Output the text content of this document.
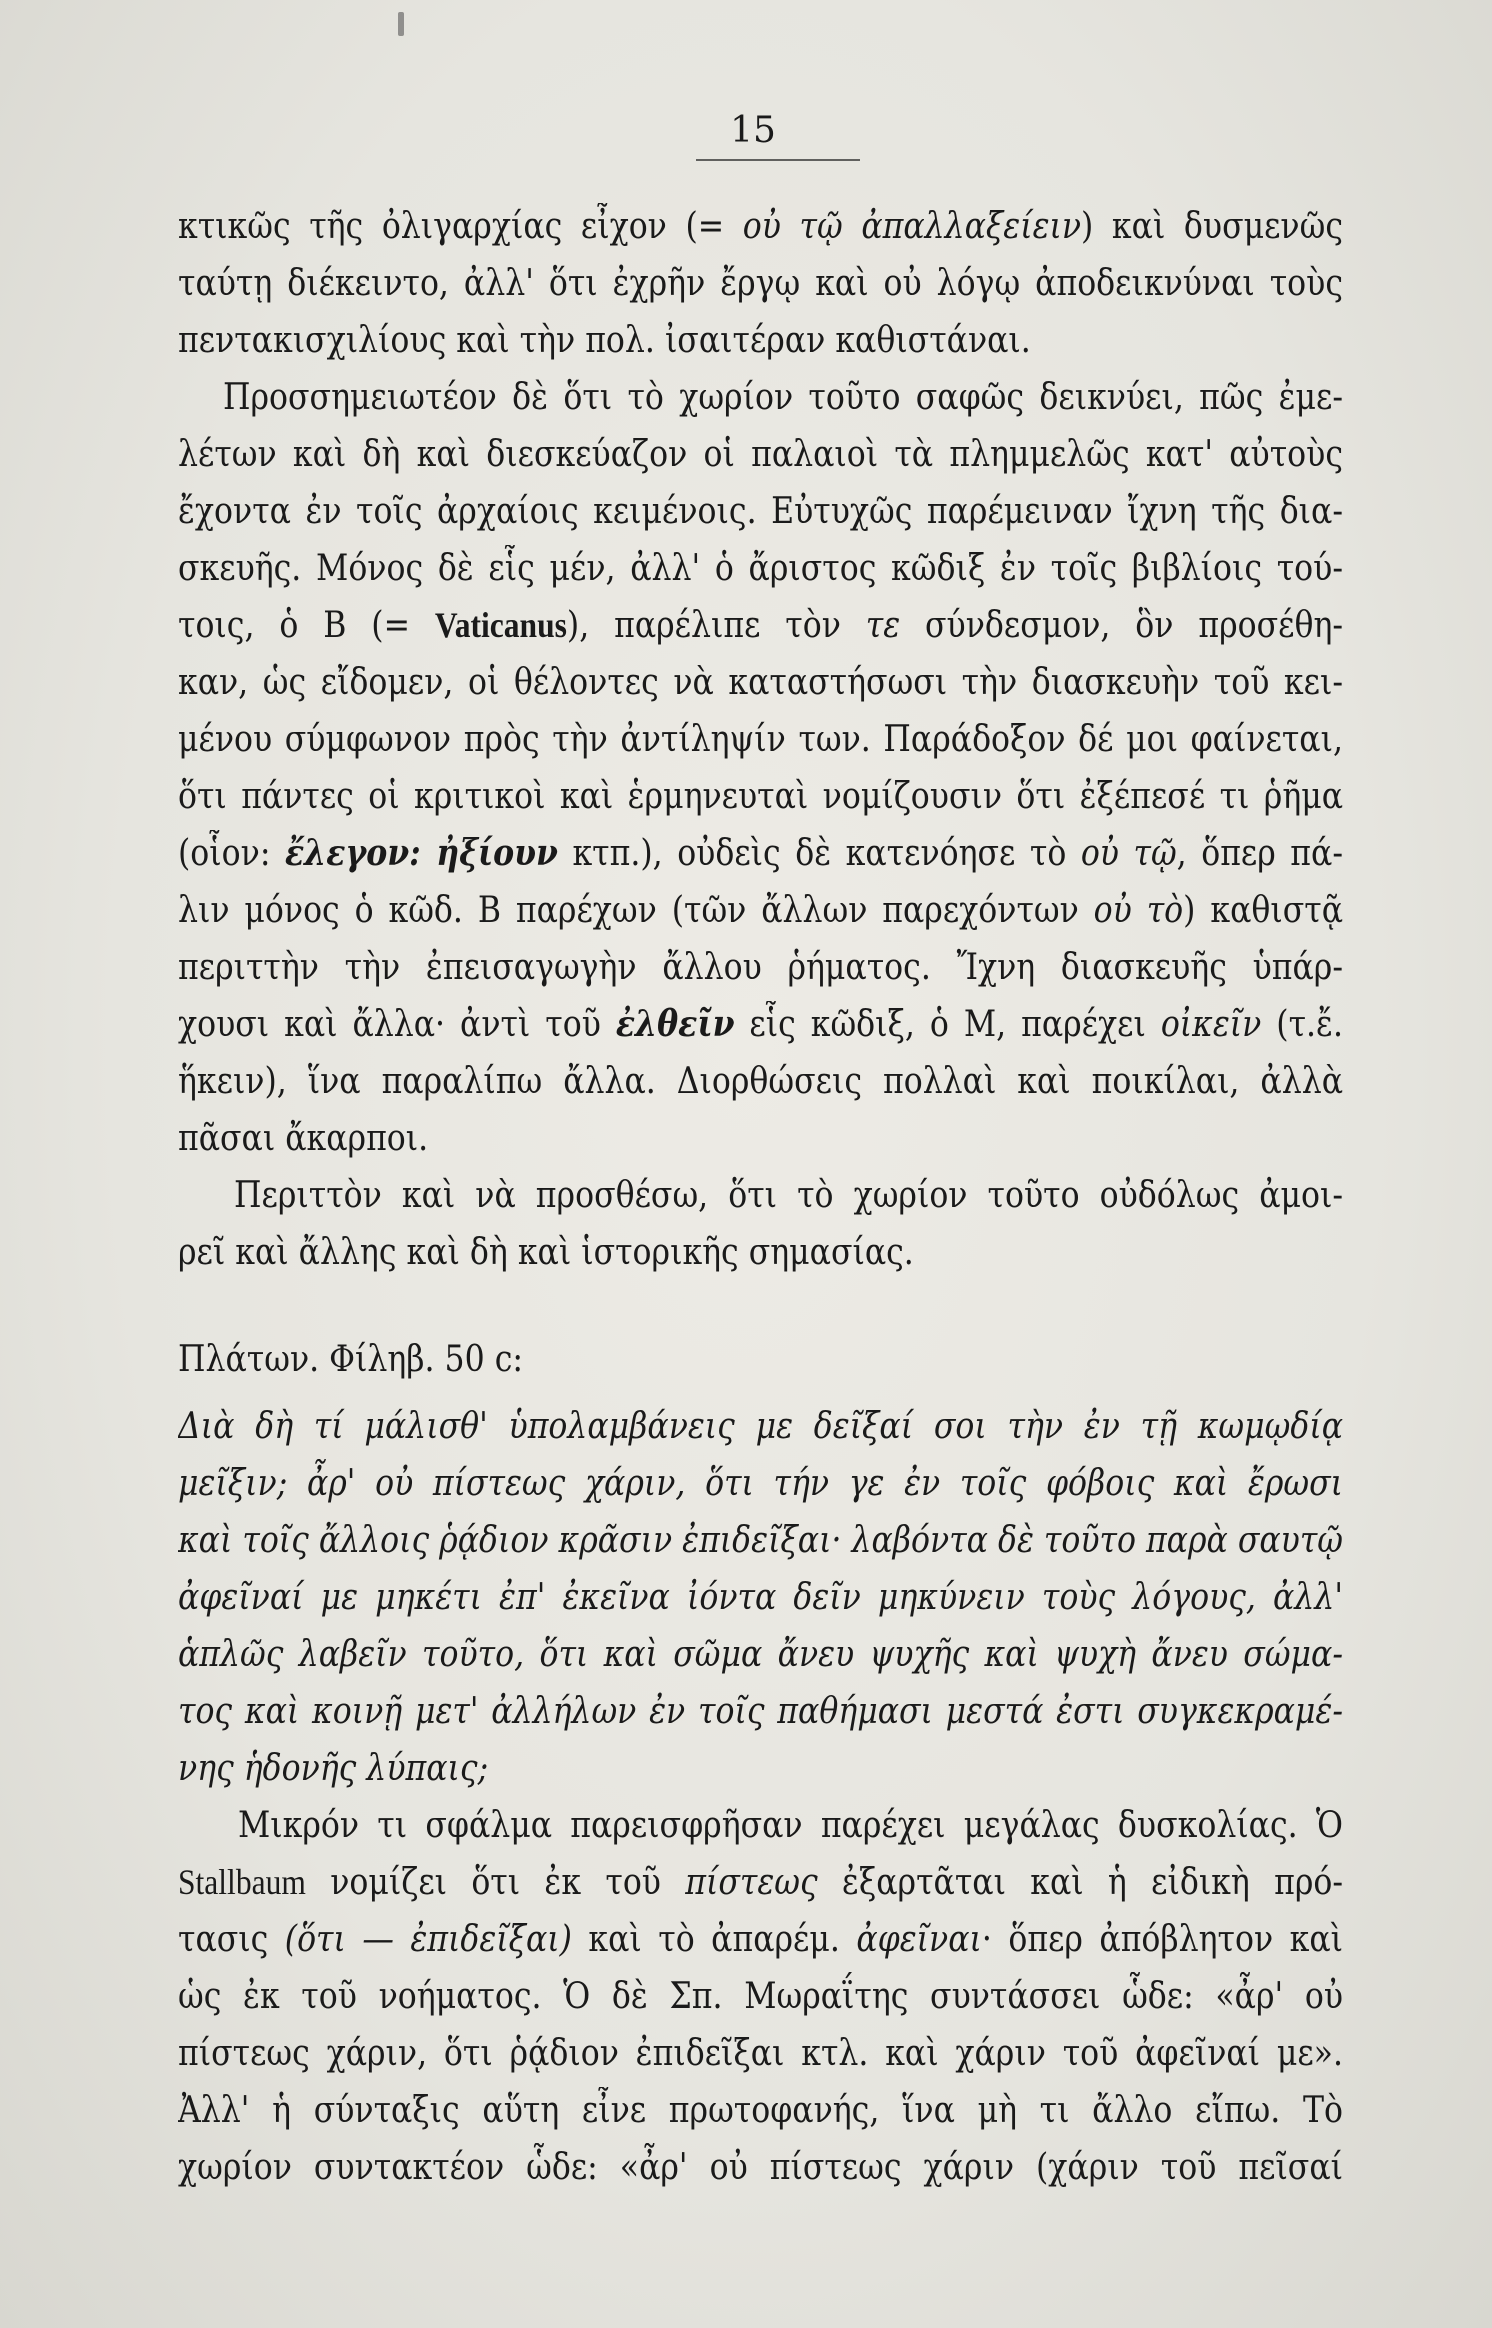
15
κτικῶς τῆς ὀλιγαρχίας εἶχον (= οὐ τῷ ἀπαλλαξείειν) καὶ δυσμενῶς
ταύτῃ διέκειντο, ἀλλ' ὅτι ἐχρῆν ἔργῳ καὶ οὐ λόγῳ ἀποδεικνύναι τοὺς
πεντακισχιλίους καὶ τὴν πολ. ἰσαιτέραν καθιστάναι.
Προσσημειωτέον δὲ ὅτι τὸ χωρίον τοῦτο σαφῶς δεικνύει, πῶς ἐμε-
λέτων καὶ δὴ καὶ διεσκεύαζον οἱ παλαιοὶ τὰ πλημμελῶς κατ' αὐτοὺς
ἔχοντα ἐν τοῖς ἀρχαίοις κειμένοις. Εὐτυχῶς παρέμειναν ἴχνη τῆς δια-
σκευῆς. Μόνος δὲ εἷς μέν, ἀλλ' ὁ ἄριστος κῶδιξ ἐν τοῖς βιβλίοις τού-
τοις, ὁ B (= Vaticanus), παρέλιπε τὸν τε σύνδεσμον, ὃν προσέθη-
καν, ὡς εἴδομεν, οἱ θέλοντες νὰ καταστήσωσι τὴν διασκευὴν τοῦ κει-
μένου σύμφωνον πρὸς τὴν ἀντίληψίν των. Παράδοξον δέ μοι φαίνεται,
ὅτι πάντες οἱ κριτικοὶ καὶ ἑρμηνευταὶ νομίζουσιν ὅτι ἐξέπεσέ τι ῥῆμα
(οἷον: ἔλεγον: ἠξίουν κτπ.), οὐδεὶς δὲ κατενόησε τὸ οὐ τῷ, ὅπερ πά-
λιν μόνος ὁ κῶδ. B παρέχων (τῶν ἄλλων παρεχόντων οὐ τὸ) καθιστᾷ
περιττὴν τὴν ἐπεισαγωγὴν ἄλλου ῥήματος. Ἴχνη διασκευῆς ὑπάρ-
χουσι καὶ ἄλλα· ἀντὶ τοῦ ἐλθεῖν εἷς κῶδιξ, ὁ M, παρέχει οἰκεῖν (τ.ἔ.
ἥκειν), ἵνα παραλίπω ἄλλα. Διορθώσεις πολλαὶ καὶ ποικίλαι, ἀλλὰ
πᾶσαι ἄκαρποι.
Περιττὸν καὶ νὰ προσθέσω, ὅτι τὸ χωρίον τοῦτο οὐδόλως ἀμοι-
ρεῖ καὶ ἄλλης καὶ δὴ καὶ ἱστορικῆς σημασίας.
Πλάτων. Φίληβ. 50 c:
Διὰ δὴ τί μάλισθ' ὑπολαμβάνεις με δεῖξαί σοι τὴν ἐν τῇ κωμῳδίᾳ
μεῖξιν; ἆρ' οὐ πίστεως χάριν, ὅτι τήν γε ἐν τοῖς φόβοις καὶ ἔρωσι
καὶ τοῖς ἄλλοις ῥᾴδιον κρᾶσιν ἐπιδεῖξαι· λαβόντα δὲ τοῦτο παρὰ σαυτῷ
ἀφεῖναί με μηκέτι ἐπ' ἐκεῖνα ἰόντα δεῖν μηκύνειν τοὺς λόγους, ἀλλ'
ἁπλῶς λαβεῖν τοῦτο, ὅτι καὶ σῶμα ἄνευ ψυχῆς καὶ ψυχὴ ἄνευ σώμα-
τος καὶ κοινῇ μετ' ἀλλήλων ἐν τοῖς παθήμασι μεστά ἐστι συγκεκραμέ-
νης ἡδονῆς λύπαις;
Μικρόν τι σφάλμα παρεισφρῆσαν παρέχει μεγάλας δυσκολίας. Ὁ
Stallbaum νομίζει ὅτι ἐκ τοῦ πίστεως ἐξαρτᾶται καὶ ἡ εἰδικὴ πρό-
τασις (ὅτι — ἐπιδεῖξαι) καὶ τὸ ἀπαρέμ. ἀφεῖναι· ὅπερ ἀπόβλητον καὶ
ὡς ἐκ τοῦ νοήματος. Ὁ δὲ Σπ. Μωραΐτης συντάσσει ὧδε: «ἆρ' οὐ
πίστεως χάριν, ὅτι ῥᾴδιον ἐπιδεῖξαι κτλ. καὶ χάριν τοῦ ἀφεῖναί με».
Ἀλλ' ἡ σύνταξις αὕτη εἶνε πρωτοφανής, ἵνα μὴ τι ἄλλο εἴπω. Τὸ
χωρίον συντακτέον ὧδε: «ἆρ' οὐ πίστεως χάριν (χάριν τοῦ πεῖσαί
